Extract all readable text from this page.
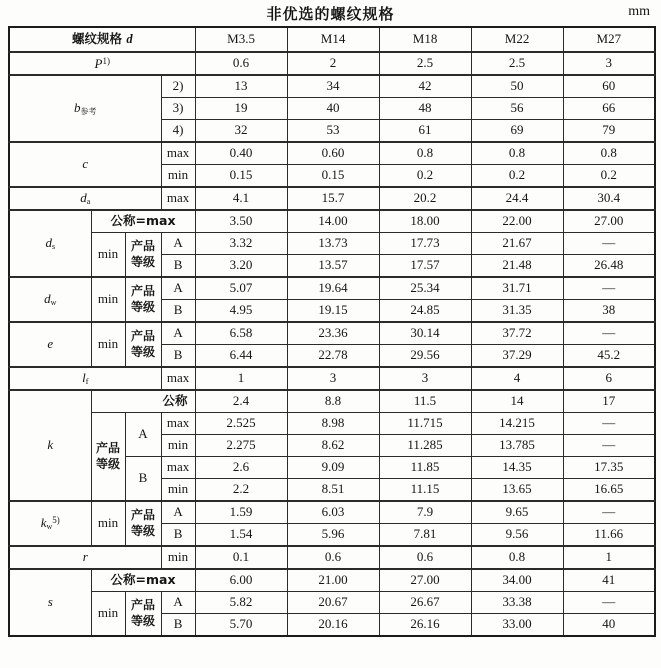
非优选的螺纹规格	mm
螺纹规格 d				M3.5	M14	M18	M22	M27
$P^{1)}$				0.6	2	2.5	2.5	3
$b_{参考}$			2)	13	34	42	50	60
			3)	19	40	48	56	66
			4)	32	53	61	69	79
c			max	0.40	0.60	0.8	0.8	0.8
			min	0.15	0.15	0.2	0.2	0.2
$d_a$			max	4.1	15.7	20.2	24.4	30.4
$d_s$	公称=max			3.50	14.00	18.00	22.00	27.00
	min	产品等级	A	3.32	13.73	17.73	21.67	—
			B	3.20	13.57	17.57	21.48	26.48
$d_w$	min	产品等级	A	5.07	19.64	25.34	31.71	—
			B	4.95	19.15	24.85	31.35	38
e	min	产品等级	A	6.58	23.36	30.14	37.72	—
			B	6.44	22.78	29.56	37.29	45.2
$l_f$			max	1	3	3	4	6
k	公称			2.4	8.8	11.5	14	17
	产品等级	A	max	2.525	8.98	11.715	14.215	—
			min	2.275	8.62	11.285	13.785	—
		B	max	2.6	9.09	11.85	14.35	17.35
			min	2.2	8.51	11.15	13.65	16.65
$k_w^{5)}$	min	产品等级	A	1.59	6.03	7.9	9.65	—
			B	1.54	5.96	7.81	9.56	11.66
r			min	0.1	0.6	0.6	0.8	1
s	公称=max			6.00	21.00	27.00	34.00	41
	min	产品等级	A	5.82	20.67	26.67	33.38	—
			B	5.70	20.16	26.16	33.00	40
